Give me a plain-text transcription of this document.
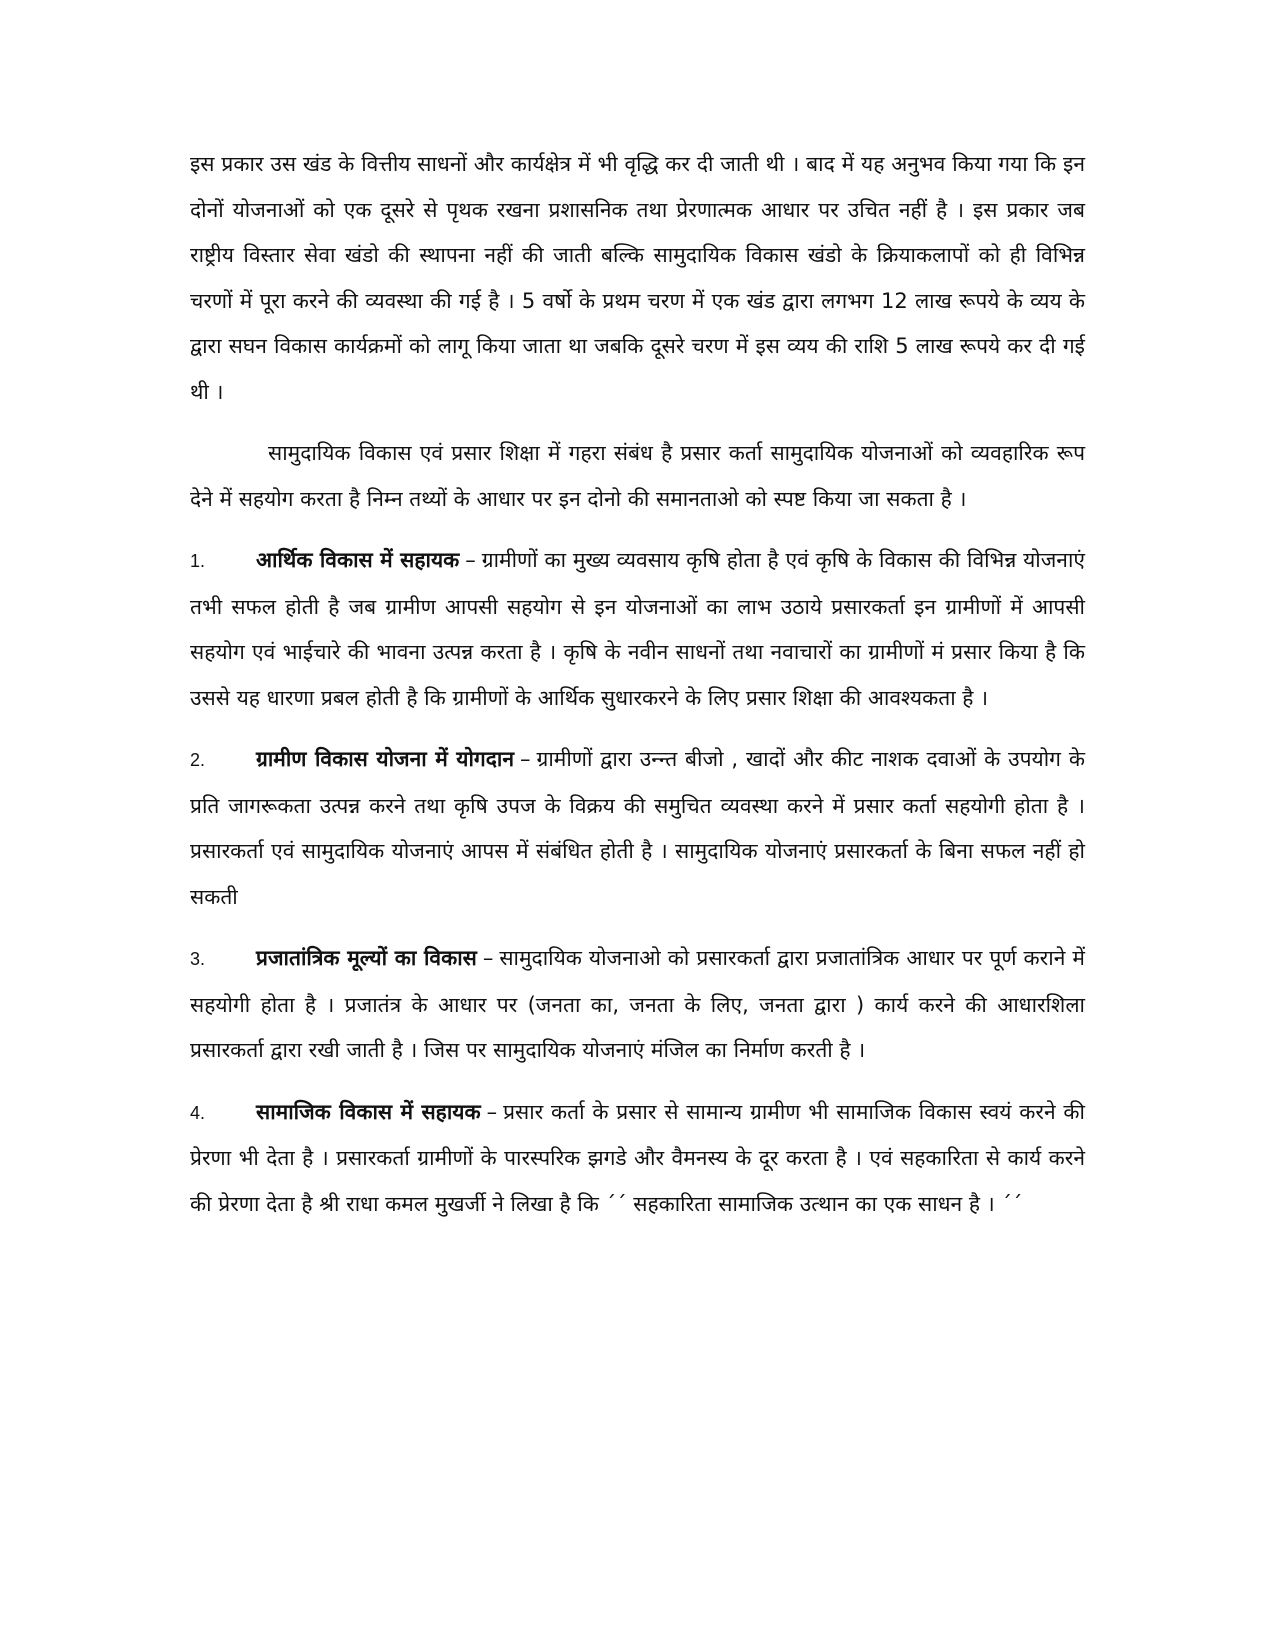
इस प्रकार उस खंड के वित्तीय साधनों और कार्यक्षेत्र में भी वृद्धि कर दी जाती थी । बाद में यह अनुभव किया गया कि इन दोनों योजनाओं को एक दूसरे से पृथक रखना प्रशासनिक तथा प्रेरणात्मक आधार पर उचित नहीं है । इस प्रकार जब राष्ट्रीय विस्तार सेवा खंडो की स्थापना नहीं की जाती बल्कि सामुदायिक विकास खंडो के क्रियाकलापों को ही विभिन्न चरणों में पूरा करने की व्यवस्था की गई है । 5 वर्षो के प्रथम चरण में एक खंड द्वारा लगभग 12 लाख रूपये के व्यय के द्वारा सघन विकास कार्यक्रमों को लागू किया जाता था जबकि दूसरे चरण में इस व्यय की राशि 5 लाख रूपये कर दी गई थी ।

सामुदायिक विकास एवं प्रसार शिक्षा में गहरा संबंध है प्रसार कर्ता सामुदायिक योजनाओं को व्यवहारिक रूप देने में सहयोग करता है निम्न तथ्यों के आधार पर इन दोनो की समानताओ को स्पष्ट किया जा सकता है ।

1. आर्थिक विकास में सहायक – ग्रामीणों का मुख्य व्यवसाय कृषि होता है एवं कृषि के विकास की विभिन्न योजनाएं तभी सफल होती है जब ग्रामीण आपसी सहयोग से इन योजनाओं का लाभ उठाये प्रसारकर्ता इन ग्रामीणों में आपसी सहयोग एवं भाईचारे की भावना उत्पन्न करता है । कृषि के नवीन साधनों तथा नवाचारों का ग्रामीणों मं प्रसार किया है कि उससे यह धारणा प्रबल होती है कि ग्रामीणों के आर्थिक सुधारकरने के लिए प्रसार शिक्षा की आवश्यकता है ।

2. ग्रामीण विकास योजना में योगदान – ग्रामीणों द्वारा उन्न्त बीजो , खादों और कीट नाशक दवाओं के उपयोग के प्रति जागरूकता उत्पन्न करने तथा कृषि उपज के विक्रय की समुचित व्यवस्था करने में प्रसार कर्ता सहयोगी होता है । प्रसारकर्ता एवं सामुदायिक योजनाएं आपस में संबंधित होती है । सामुदायिक योजनाएं प्रसारकर्ता के बिना सफल नहीं हो सकती

3. प्रजातांत्रिक मूल्यों का विकास – सामुदायिक योजनाओ को प्रसारकर्ता द्वारा प्रजातांत्रिक आधार पर पूर्ण कराने में सहयोगी होता है । प्रजातंत्र के आधार पर (जनता का, जनता के लिए, जनता द्वारा ) कार्य करने की आधारशिला प्रसारकर्ता द्वारा रखी जाती है । जिस पर सामुदायिक योजनाएं मंजिल का निर्माण करती है ।

4. सामाजिक विकास में सहायक – प्रसार कर्ता के प्रसार से सामान्य ग्रामीण भी सामाजिक विकास स्वयं करने की प्रेरणा भी देता है । प्रसारकर्ता ग्रामीणों के पारस्परिक झगडे और वैमनस्य के दूर करता है । एवं सहकारिता से कार्य करने की प्रेरणा देता है श्री राधा कमल मुखर्जी ने लिखा है कि ´´ सहकारिता सामाजिक उत्थान का एक साधन है । ´´
